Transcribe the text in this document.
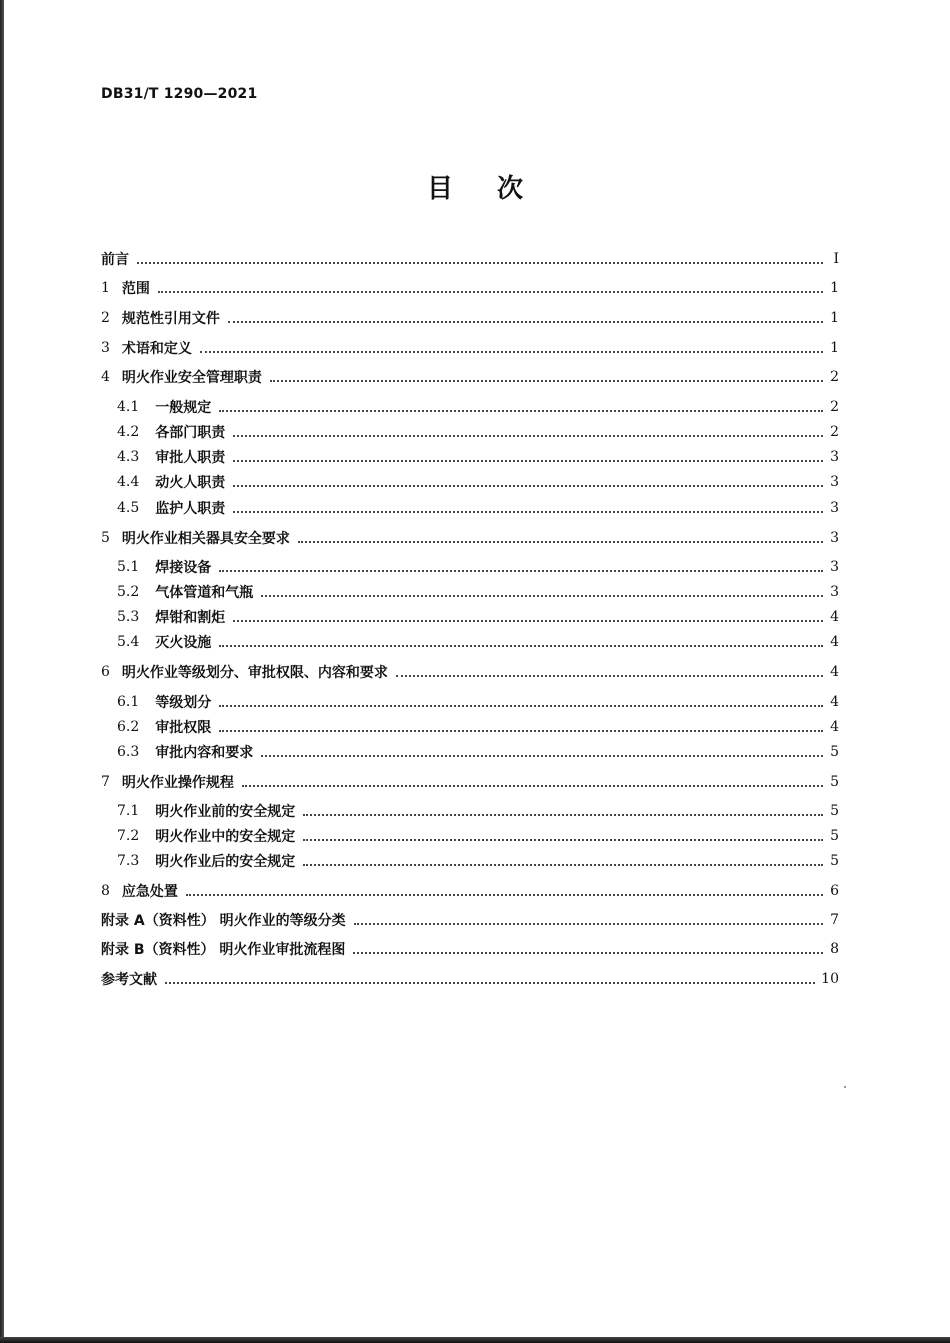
DB31/T 1290—2021
目次
前言	I
1 范围	1
2 规范性引用文件	1
3 术语和定义	1
4 明火作业安全管理职责	2
4.1 一般规定	2
4.2 各部门职责	2
4.3 审批人职责	3
4.4 动火人职责	3
4.5 监护人职责	3
5 明火作业相关器具安全要求	3
5.1 焊接设备	3
5.2 气体管道和气瓶	3
5.3 焊钳和割炬	4
5.4 灭火设施	4
6 明火作业等级划分、审批权限、内容和要求	4
6.1 等级划分	4
6.2 审批权限	4
6.3 审批内容和要求	5
7 明火作业操作规程	5
7.1 明火作业前的安全规定	5
7.2 明火作业中的安全规定	5
7.3 明火作业后的安全规定	5
8 应急处置	6
附录 A（资料性） 明火作业的等级分类	7
附录 B（资料性） 明火作业审批流程图	8
参考文献	10
